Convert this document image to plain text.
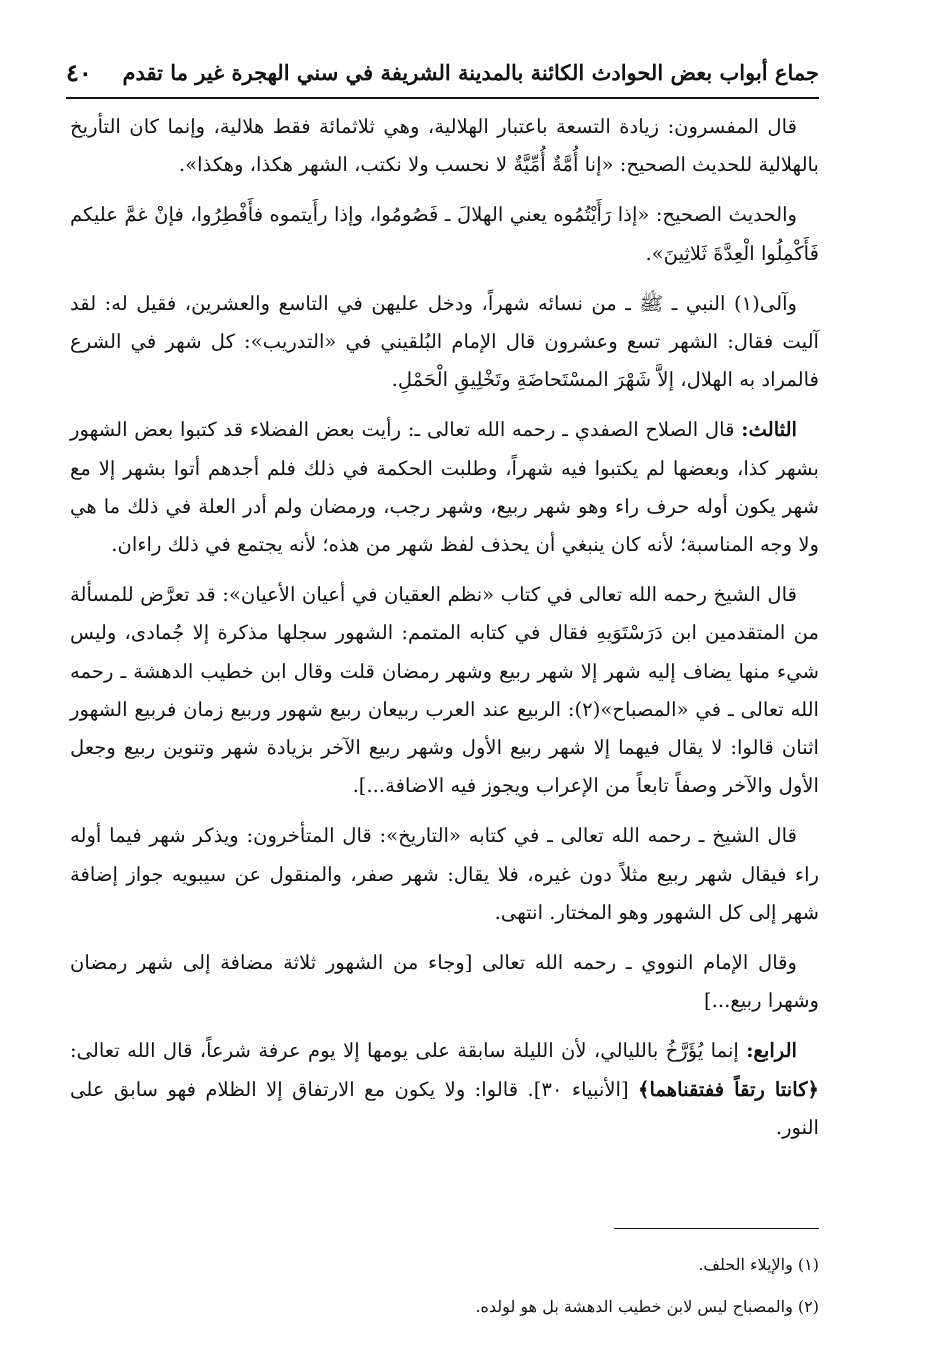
جماع أبواب بعض الحوادث الكائنة بالمدينة الشريفة في سني الهجرة غير ما تقدم
٤٠

قال المفسرون: زيادة التسعة باعتبار الهلالية، وهي ثلاثمائة فقط هلالية، وإنما كان التأريخ بالهلالية للحديث الصحيح: «إنا أُمَّةٌ أُمِّيَّةٌ لا نحسب ولا نكتب، الشهر هكذا، وهكذا».

والحديث الصحيح: «إذا رَأَيْتُمُوه يعني الهلالَ ـ فَصُومُوا، وإذا رأَيتموه فأَفْطِرُوا، فإنْ غمَّ عليكم فَأَكْمِلُوا الْعِدَّةَ ثَلاثِينَ».

وآلى(١) النبي ـ ﷺ ـ من نسائه شهراً، ودخل عليهن في التاسع والعشرين، فقيل له: لقد آليت فقال: الشهر تسع وعشرون قال الإمام البُلقيني في «التدريب»: كل شهر في الشرع فالمراد به الهلال، إلاَّ شَهْرَ المسْتَحاضَةِ وتَخْلِيقِ الْحَمْلِ.

الثالث: قال الصلاح الصفدي ـ رحمه الله تعالى ـ: رأيت بعض الفضلاء قد كتبوا بعض الشهور بشهر كذا، وبعضها لم يكتبوا فيه شهراً، وطلبت الحكمة في ذلك فلم أجدهم أتوا بشهر إلا مع شهر يكون أوله حرف راء وهو شهر ربيع، وشهر رجب، ورمضان ولم أدر العلة في ذلك ما هي ولا وجه المناسبة؛ لأنه كان ينبغي أن يحذف لفظ شهر من هذه؛ لأنه يجتمع في ذلك راءان.

قال الشيخ رحمه الله تعالى في كتاب «نظم العقيان في أعيان الأعيان»: قد تعرَّض للمسألة من المتقدمين ابن دَرَسْتَوَيهِ فقال في كتابه المتمم: الشهور سجلها مذكرة إلا جُمادى، وليس شيء منها يضاف إليه شهر إلا شهر ربيع وشهر رمضان قلت وقال ابن خطيب الدهشة ـ رحمه الله تعالى ـ في «المصباح»(٢): الربيع عند العرب ربيعان ربيع شهور وربيع زمان فربيع الشهور اثنان قالوا: لا يقال فيهما إلا شهر ربيع الأول وشهر ربيع الآخر بزيادة شهر وتنوين ربيع وجعل الأول والآخر وصفاً تابعاً من الإعراب ويجوز فيه الاضافة...].

قال الشيخ ـ رحمه الله تعالى ـ في كتابه «التاريخ»: قال المتأخرون: ويذكر شهر فيما أوله راء فيقال شهر ربيع مثلاً دون غيره، فلا يقال: شهر صفر، والمنقول عن سيبويه جواز إضافة شهر إلى كل الشهور وهو المختار. انتهى.

وقال الإمام النووي ـ رحمه الله تعالى [وجاء من الشهور ثلاثة مضافة إلى شهر رمضان وشهرا ربيع...]

الرابع: إنما يُؤَرَّخُ بالليالي، لأن الليلة سابقة على يومها إلا يوم عرفة شرعاً، قال الله تعالى: ﴿كانتا رتقاً ففتقناهما﴾ [الأنبياء ٣٠]. قالوا: ولا يكون مع الارتفاق إلا الظلام فهو سابق على النور.

(١) والإيلاء الحلف.
(٢) والمصباح ليس لابن خطيب الدهشة بل هو لولده.
